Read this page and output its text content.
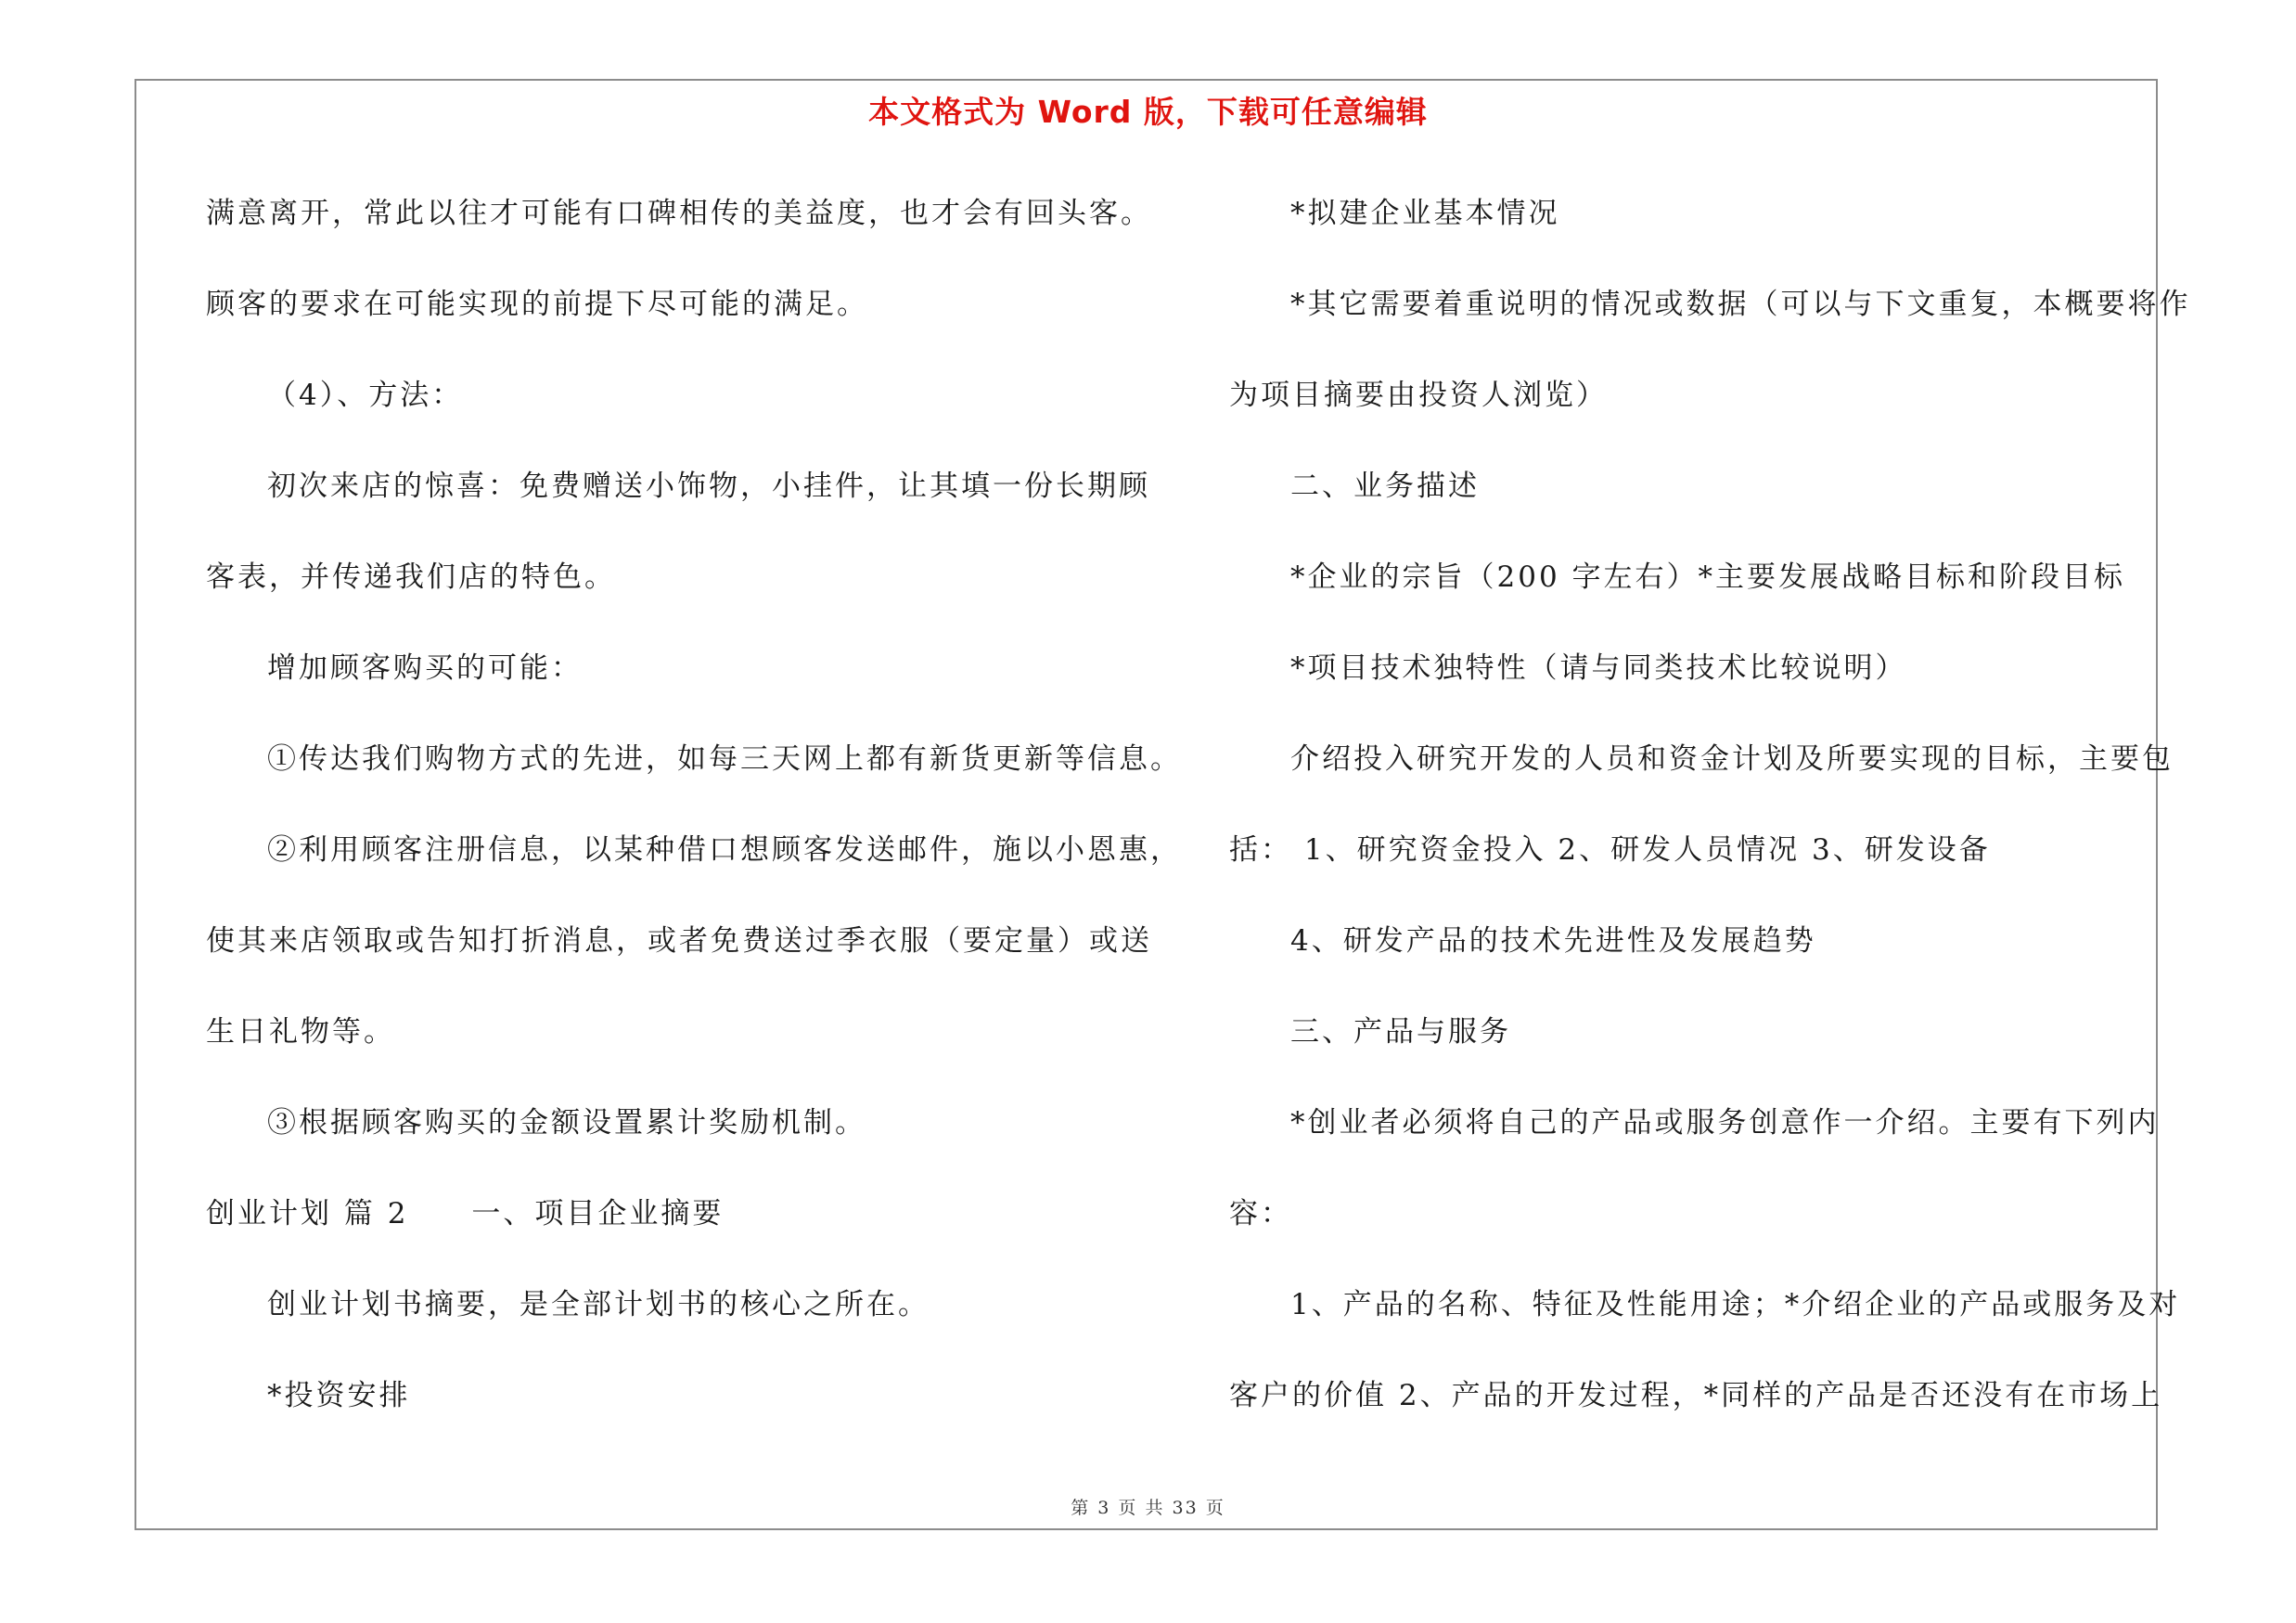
本文格式为 Word 版，下载可任意编辑
满意离开，常此以往才可能有口碑相传的美益度，也才会有回头客。
顾客的要求在可能实现的前提下尽可能的满足。
（4）、方法：
初次来店的惊喜：免费赠送小饰物，小挂件，让其填一份长期顾
客表，并传递我们店的特色。
增加顾客购买的可能：
①传达我们购物方式的先进，如每三天网上都有新货更新等信息。
②利用顾客注册信息，以某种借口想顾客发送邮件，施以小恩惠，
使其来店领取或告知打折消息，或者免费送过季衣服（要定量）或送
生日礼物等。
③根据顾客购买的金额设置累计奖励机制。
创业计划 篇 2　　一、项目企业摘要
创业计划书摘要，是全部计划书的核心之所在。
*投资安排
*拟建企业基本情况
*其它需要着重说明的情况或数据（可以与下文重复，本概要将作
为项目摘要由投资人浏览）
二、业务描述
*企业的宗旨（200 字左右）*主要发展战略目标和阶段目标
*项目技术独特性（请与同类技术比较说明）
介绍投入研究开发的人员和资金计划及所要实现的目标，主要包
括： 1、研究资金投入 2、研发人员情况 3、研发设备
4、研发产品的技术先进性及发展趋势
三、产品与服务
*创业者必须将自己的产品或服务创意作一介绍。主要有下列内
容：
1、产品的名称、特征及性能用途；*介绍企业的产品或服务及对
客户的价值 2、产品的开发过程，*同样的产品是否还没有在市场上
第 3 页 共 33 页
